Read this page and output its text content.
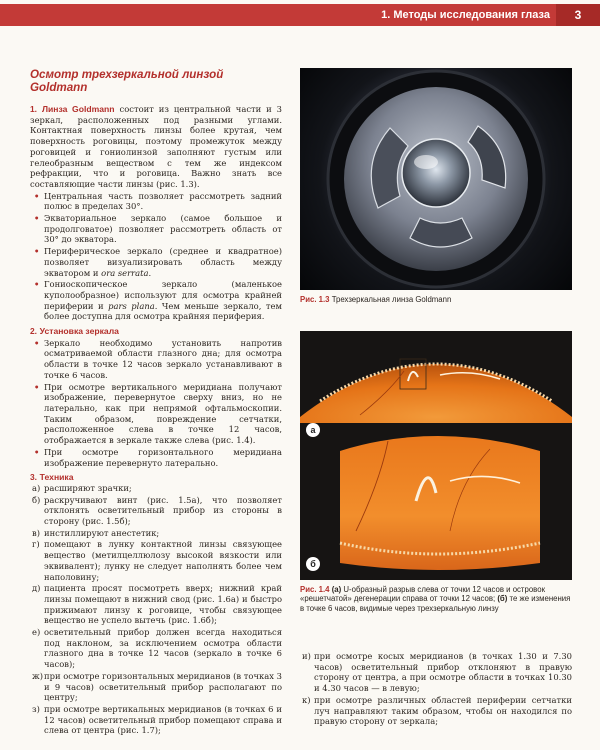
1. Методы исследования глаза	3
Осмотр трехзеркальной линзой Goldmann

1. Линза Goldmann состоит из центральной части и 3 зеркал, расположенных под разными углами. Контактная поверхность линзы более крутая, чем поверхность роговицы, поэтому промежуток между роговицей и гониолинзой заполняют густым или гелеобразным веществом с тем же индексом рефракции, что и роговица. Важно знать все составляющие части линзы (рис. 1.3).

• Центральная часть позволяет рассмотреть задний полюс в пределах 30°.
• Экваториальное зеркало (самое большое и продолговатое) позволяет рассмотреть область от 30° до экватора.
• Периферическое зеркало (среднее и квадратное) позволяет визуализировать область между экватором и ora serrata.
• Гониоскопическое зеркало (маленькое куполообразное) используют для осмотра крайней периферии и pars plana. Чем меньше зеркало, тем более доступна для осмотра крайняя периферия.

2. Установка зеркала

• Зеркало необходимо установить напротив осматриваемой области глазного дна; для осмотра области в точке 12 часов зеркало устанавливают в точке 6 часов.
• При осмотре вертикального меридиана получают изображение, перевернутое сверху вниз, но не латерально, как при непрямой офтальмоскопии. Таким образом, повреждение сетчатки, расположенное слева в точке 12 часов, отображается в зеркале также слева (рис. 1.4).
• При осмотре горизонтального меридиана изображение перевернуто латерально.

3. Техника

а) расширяют зрачки;
б) раскручивают винт (рис. 1.5а), что позволяет отклонять осветительный прибор из стороны в сторону (рис. 1.5б);
в) инстиллируют анестетик;
г) помещают в лунку контактной линзы связующее вещество (метилцеллюлозу высокой вязкости или эквивалент); лунку не следует наполнять более чем наполовину;
д) пациента просят посмотреть вверх; нижний край линзы помещают в нижний свод (рис. 1.6а) и быстро прижимают линзу к роговице, чтобы связующее вещество не успело вытечь (рис. 1.6б);
е) осветительный прибор должен всегда находиться под наклоном, за исключением осмотра области глазного дна в точке 12 часов (зеркало в точке 6 часов);
ж) при осмотре горизонтальных меридианов (в точках 3 и 9 часов) осветительный прибор располагают по центру;
з) при осмотре вертикальных меридианов (в точках 6 и 12 часов) осветительный прибор помещают справа и слева от центра (рис. 1.7);
Рис. 1.3 Трехзеркальная линза Goldmann
а
б
Рис. 1.4 (а) U-образный разрыв слева от точки 12 часов и островок «решетчатой» дегенерации справа от точки 12 часов; (б) те же изменения в точке 6 часов, видимые через трехзеркальную линзу
и) при осмотре косых меридианов (в точках 1.30 и 7.30 часов) осветительный прибор отклоняют в правую сторону от центра, а при осмотре области в точках 10.30 и 4.30 часов — в левую;
к) при осмотре различных областей периферии сетчатки луч направляют таким образом, чтобы он находился по правую сторону от зеркала;
